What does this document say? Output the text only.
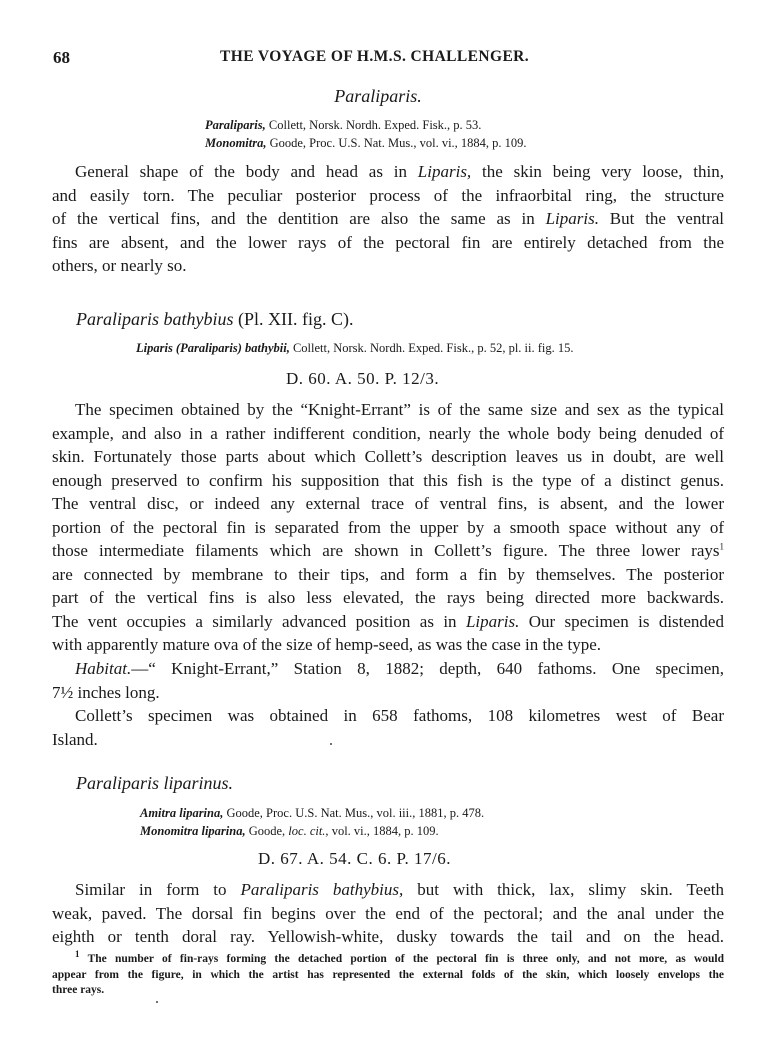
68	THE VOYAGE OF H.M.S. CHALLENGER.
Paraliparis.
Paraliparis, Collett, Norsk. Nordh. Exped. Fisk., p. 53.
Monomitra, Goode, Proc. U.S. Nat. Mus., vol. vi., 1884, p. 109.
General shape of the body and head as in Liparis, the skin being very loose, thin,
and easily torn. The peculiar posterior process of the infraorbital ring, the structure
of the vertical fins, and the dentition are also the same as in Liparis. But the ventral
fins are absent, and the lower rays of the pectoral fin are entirely detached from the
others, or nearly so.
Paraliparis bathybius (Pl. XII. fig. C).
Liparis (Paraliparis) bathybii, Collett, Norsk. Nordh. Exped. Fisk., p. 52, pl. ii. fig. 15.
D. 60. A. 50. P. 12/3.
The specimen obtained by the “Knight-Errant” is of the same size and sex as the typical
example, and also in a rather indifferent condition, nearly the whole body being denuded of
skin. Fortunately those parts about which Collett’s description leaves us in doubt, are well
enough preserved to confirm his supposition that this fish is the type of a distinct genus.
The ventral disc, or indeed any external trace of ventral fins, is absent, and the lower
portion of the pectoral fin is separated from the upper by a smooth space without any of
those intermediate filaments which are shown in Collett’s figure. The three lower rays$^1$
are connected by membrane to their tips, and form a fin by themselves. The posterior
part of the vertical fins is also less elevated, the rays being directed more backwards.
The vent occupies a similarly advanced position as in Liparis. Our specimen is distended
with apparently mature ova of the size of hemp-seed, as was the case in the type.
Habitat.—“ Knight-Errant,” Station 8, 1882; depth, 640 fathoms. One specimen,
7½ inches long.
Collett’s specimen was obtained in 658 fathoms, 108 kilometres west of Bear
Island.
Paraliparis liparinus.
Amitra liparina, Goode, Proc. U.S. Nat. Mus., vol. iii., 1881, p. 478.
Monomitra liparina, Goode, loc. cit., vol. vi., 1884, p. 109.
D. 67. A. 54. C. 6. P. 17/6.
Similar in form to Paraliparis bathybius, but with thick, lax, slimy skin. Teeth
weak, paved. The dorsal fin begins over the end of the pectoral; and the anal under the
eighth or tenth doral ray. Yellowish-white, dusky towards the tail and on the head.
$^1$ The number of fin-rays forming the detached portion of the pectoral fin is three only, and not more, as would
appear from the figure, in which the artist has represented the external folds of the skin, which loosely envelops the
three rays.
